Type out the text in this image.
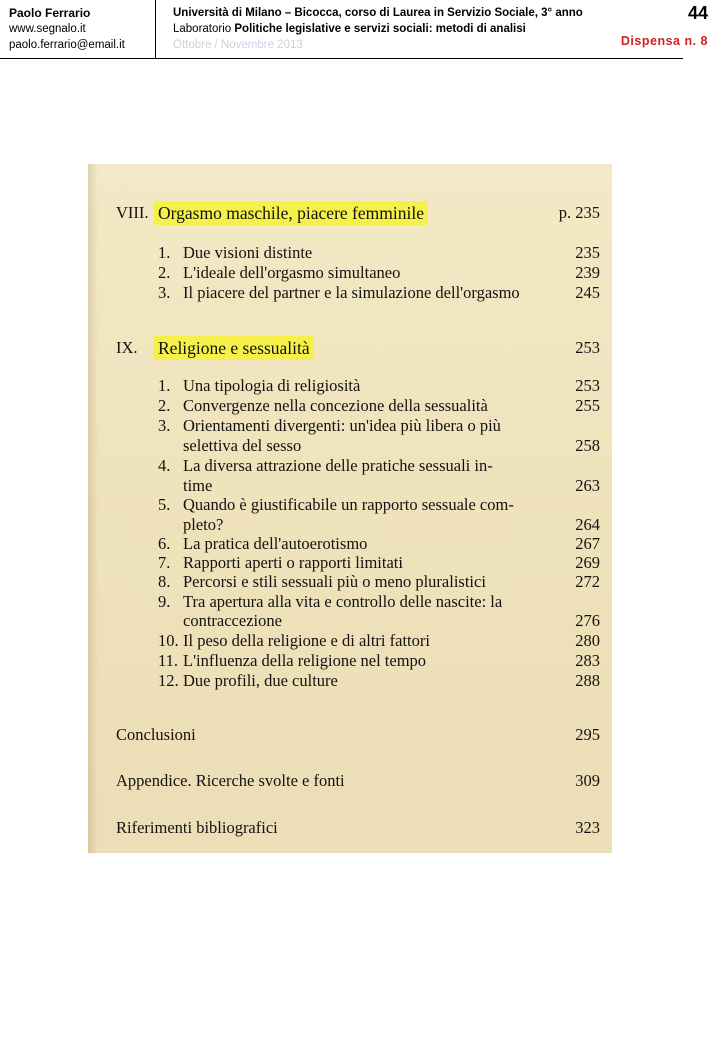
Paolo Ferrario
www.segnalo.it
paolo.ferrario@email.it
Università di Milano – Bicocca, corso di Laurea in Servizio Sociale, 3° anno
Laboratorio Politiche legislative e servizi sociali: metodi di analisi
Ottobre / Novembre 2013
44
Dispensa n. 8
VIII. Orgasmo maschile, piacere femminile	p. 235
1. Due visioni distinte	235
2. L'ideale dell'orgasmo simultaneo	239
3. Il piacere del partner e la simulazione dell'orgasmo	245
IX. Religione e sessualità	253
1. Una tipologia di religiosità	253
2. Convergenze nella concezione della sessualità	255
3. Orientamenti divergenti: un'idea più libera o più
selettiva del sesso	258
4. La diversa attrazione delle pratiche sessuali in-
time	263
5. Quando è giustificabile un rapporto sessuale com-
pleto?	264
6. La pratica dell'autoerotismo	267
7. Rapporti aperti o rapporti limitati	269
8. Percorsi e stili sessuali più o meno pluralistici	272
9. Tra apertura alla vita e controllo delle nascite: la
contraccezione	276
10. Il peso della religione e di altri fattori	280
11. L'influenza della religione nel tempo	283
12. Due profili, due culture	288
Conclusioni	295
Appendice. Ricerche svolte e fonti	309
Riferimenti bibliografici	323
